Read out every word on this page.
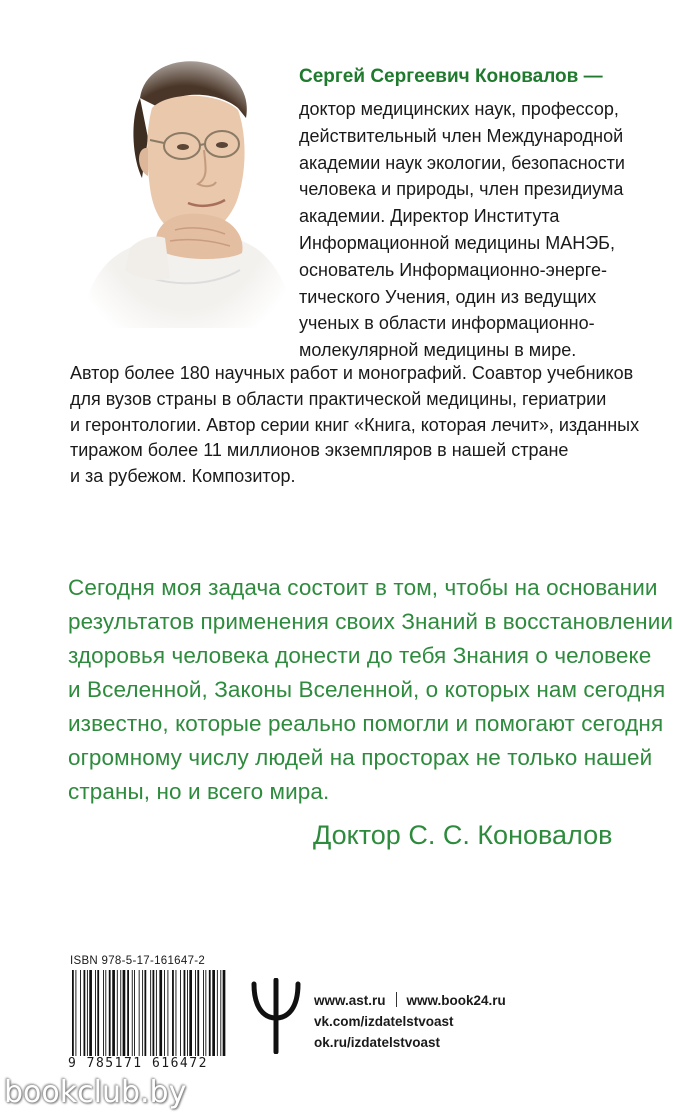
Сергей Сергеевич Коновалов —
доктор медицинских наук, профессор,
действительный член Международной
академии наук экологии, безопасности
человека и природы, член президиума
академии. Директор Института
Информационной медицины МАНЭБ,
основатель Информационно-энерге-
тического Учения, один из ведущих
ученых в области информационно-
молекулярной медицины в мире.
Автор более 180 научных работ и монографий. Соавтор учебников
для вузов страны в области практической медицины, гериатрии
и геронтологии. Автор серии книг «Книга, которая лечит», изданных
тиражом более 11 миллионов экземпляров в нашей стране
и за рубежом. Композитор.
Сегодня моя задача состоит в том, чтобы на основании
результатов применения своих Знаний в восстановлении
здоровья человека донести до тебя Знания о человеке
и Вселенной, Законы Вселенной, о которых нам сегодня
известно, которые реально помогли и помогают сегодня
огромному числу людей на просторах не только нашей
страны, но и всего мира.
Доктор С. С. Коновалов
ISBN 978-5-17-161647-2
9 785171 616472
www.ast.ru www.book24.ru
vk.com/izdatelstvoast
ok.ru/izdatelstvoast
bookclub.by
